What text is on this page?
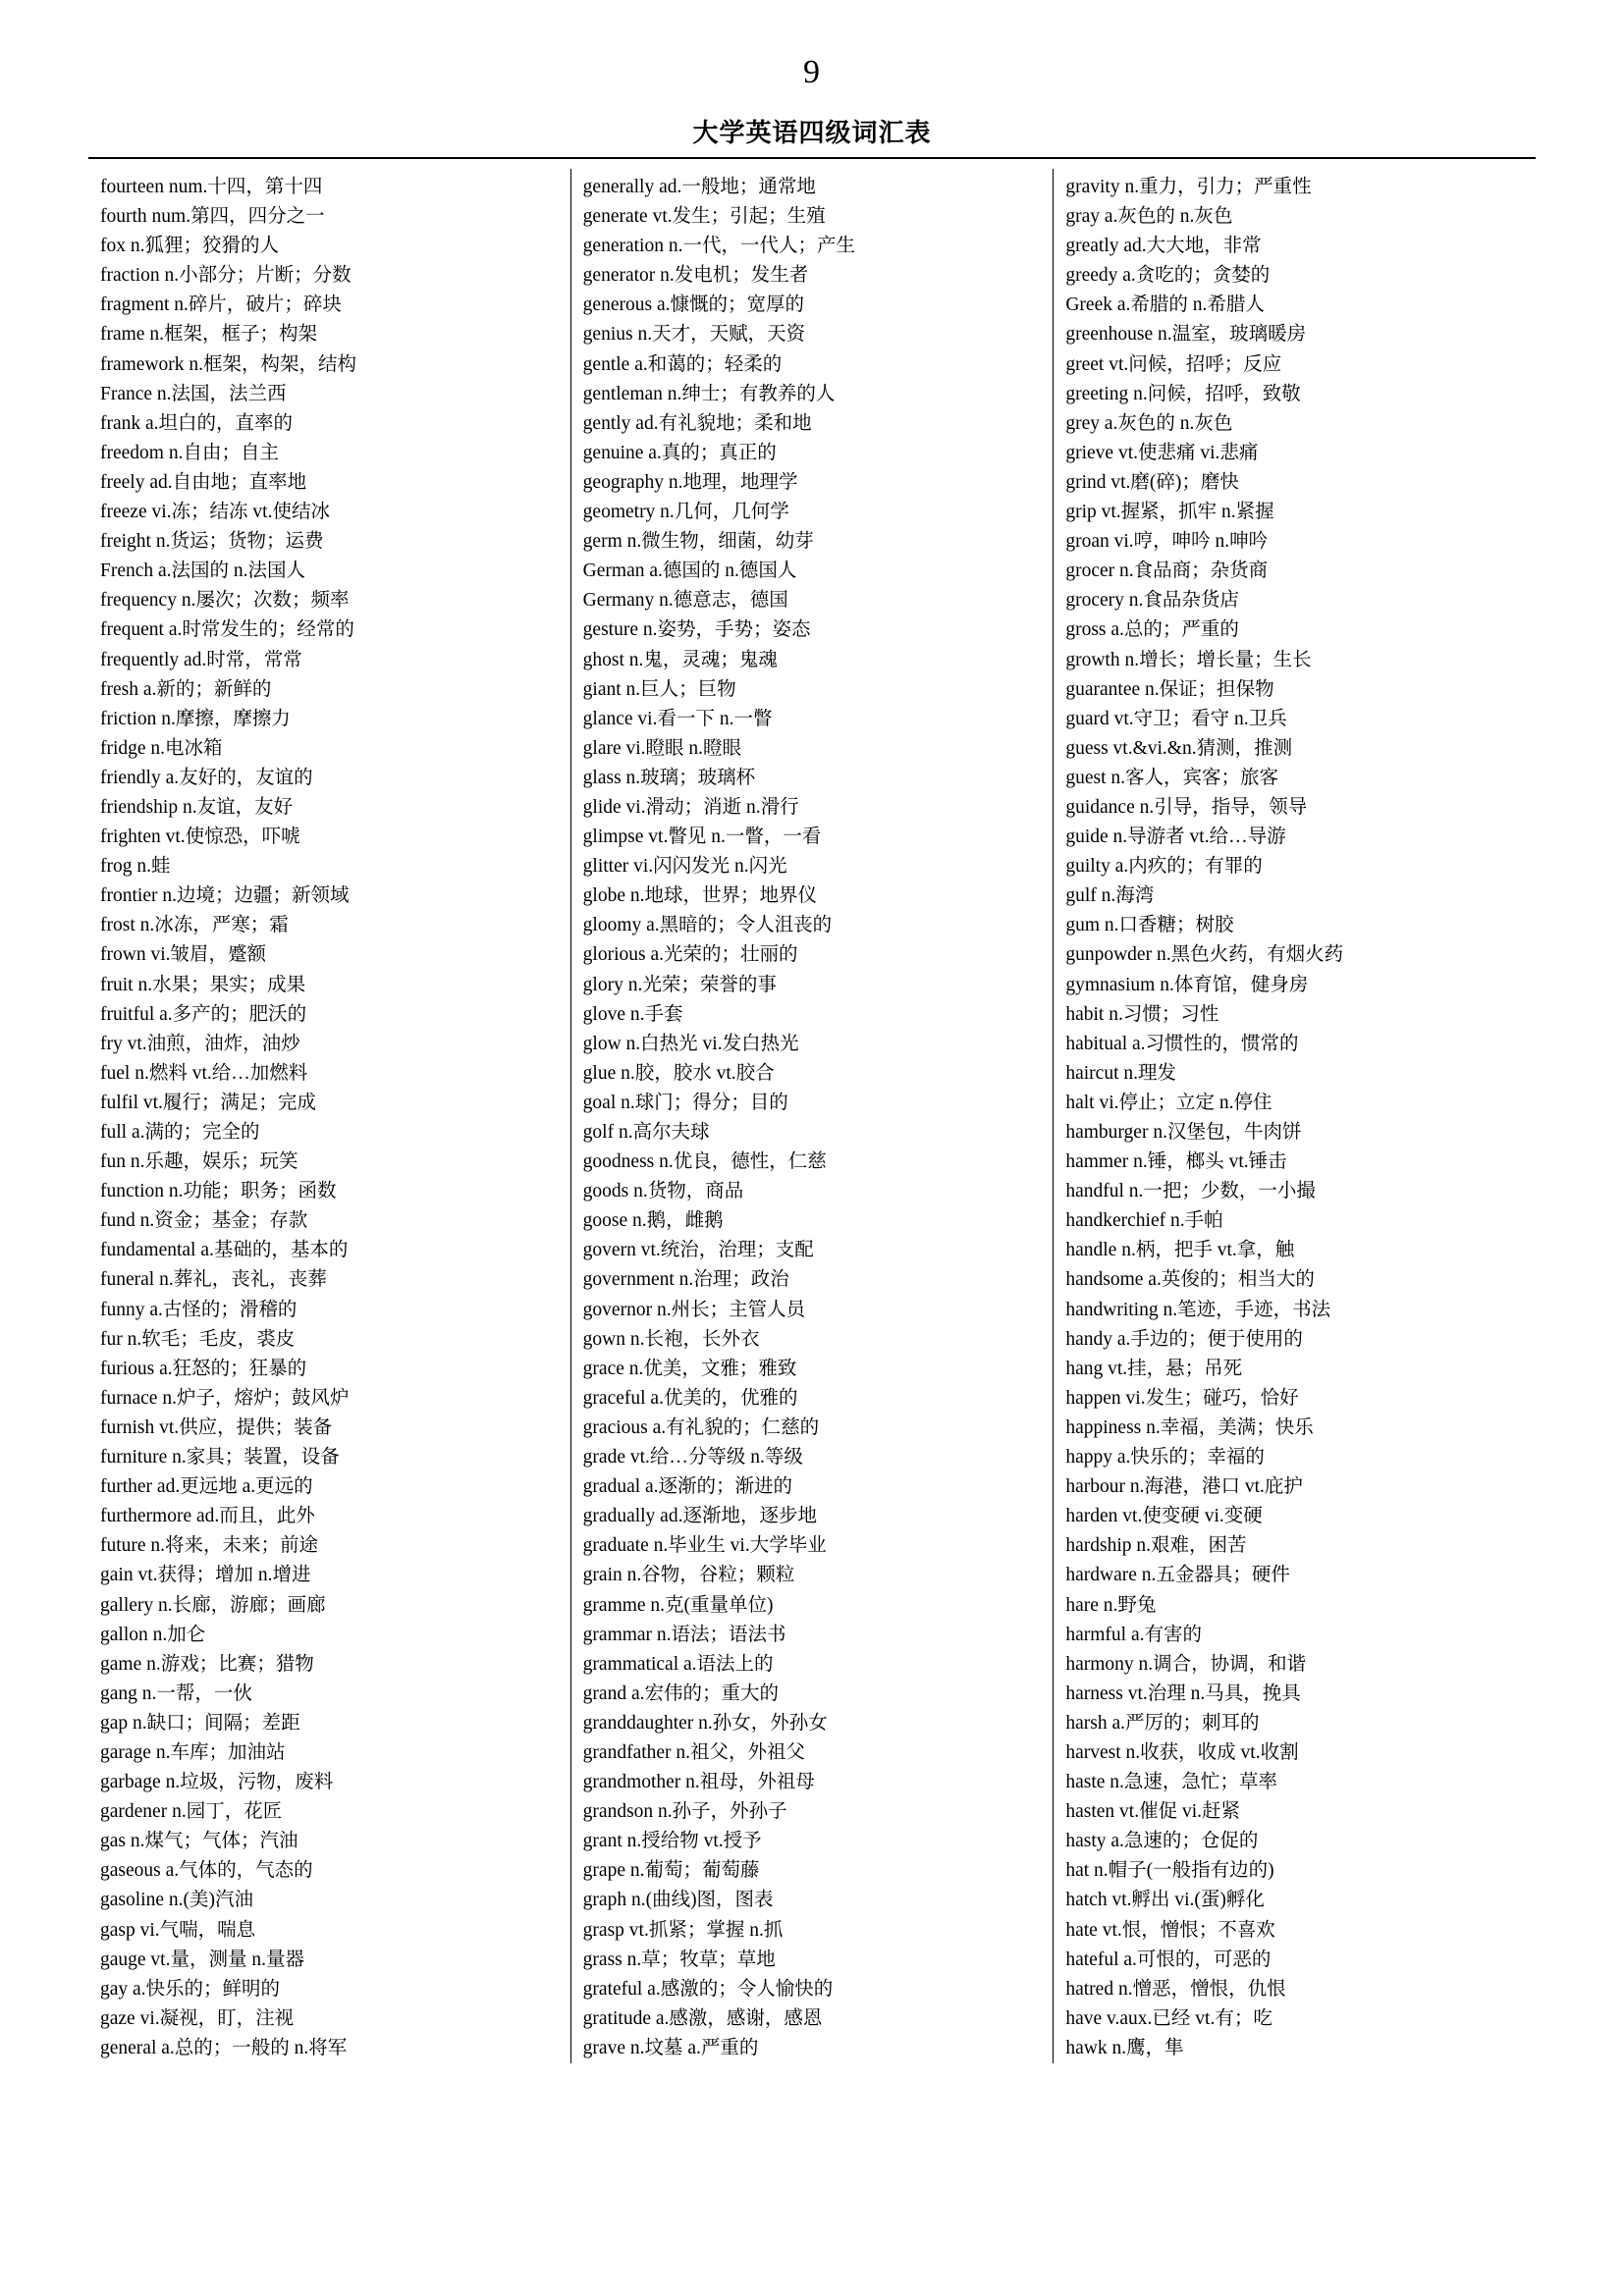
9
大学英语四级词汇表
fourteen num.十四，第十四
fourth num.第四，四分之一
fox n.狐狸；狡猾的人
fraction n.小部分；片断；分数
fragment n.碎片，破片；碎块
frame n.框架，框子；构架
framework n.框架，构架，结构
France n.法国，法兰西
frank a.坦白的，直率的
freedom n.自由；自主
freely ad.自由地；直率地
freeze vi.冻；结冻 vt.使结冰
freight n.货运；货物；运费
French a.法国的 n.法国人
frequency n.屡次；次数；频率
frequent a.时常发生的；经常的
frequently ad.时常，常常
fresh a.新的；新鲜的
friction n.摩擦，摩擦力
fridge n.电冰箱
friendly a.友好的，友谊的
friendship n.友谊，友好
frighten vt.使惊恐，吓唬
frog n.蛙
frontier n.边境；边疆；新领域
frost n.冰冻，严寒；霜
frown vi.皱眉，蹙额
fruit n.水果；果实；成果
fruitful a.多产的；肥沃的
fry vt.油煎，油炸，油炒
fuel n.燃料 vt.给…加燃料
fulfil vt.履行；满足；完成
full a.满的；完全的
fun n.乐趣，娱乐；玩笑
function n.功能；职务；函数
fund n.资金；基金；存款
fundamental a.基础的，基本的
funeral n.葬礼，丧礼，丧葬
funny a.古怪的；滑稽的
fur n.软毛；毛皮，裘皮
furious a.狂怒的；狂暴的
furnace n.炉子，熔炉；鼓风炉
furnish vt.供应，提供；装备
furniture n.家具；装置，设备
further ad.更远地 a.更远的
furthermore ad.而且，此外
future n.将来，未来；前途
gain vt.获得；增加 n.增进
gallery n.长廊，游廊；画廊
gallon n.加仑
game n.游戏；比赛；猎物
gang n.一帮，一伙
gap n.缺口；间隔；差距
garage n.车库；加油站
garbage n.垃圾，污物，废料
gardener n.园丁，花匠
gas n.煤气；气体；汽油
gaseous a.气体的，气态的
gasoline n.(美)汽油
gasp vi.气喘，喘息
gauge vt.量，测量 n.量器
gay a.快乐的；鲜明的
gaze vi.凝视，盯，注视
general a.总的；一般的 n.将军
generally ad.一般地；通常地
generate vt.发生；引起；生殖
generation n.一代，一代人；产生
generator n.发电机；发生者
generous a.慷慨的；宽厚的
genius n.天才，天赋，天资
gentle a.和蔼的；轻柔的
gentleman n.绅士；有教养的人
gently ad.有礼貌地；柔和地
genuine a.真的；真正的
geography n.地理，地理学
geometry n.几何，几何学
germ n.微生物，细菌，幼芽
German a.德国的 n.德国人
Germany n.德意志，德国
gesture n.姿势，手势；姿态
ghost n.鬼，灵魂；鬼魂
giant n.巨人；巨物
glance vi.看一下 n.一瞥
glare vi.瞪眼 n.瞪眼
glass n.玻璃；玻璃杯
glide vi.滑动；消逝 n.滑行
glimpse vt.瞥见 n.一瞥，一看
glitter vi.闪闪发光 n.闪光
globe n.地球，世界；地界仪
gloomy a.黑暗的；令人沮丧的
glorious a.光荣的；壮丽的
glory n.光荣；荣誉的事
glove n.手套
glow n.白热光 vi.发白热光
glue n.胶，胶水 vt.胶合
goal n.球门；得分；目的
golf n.高尔夫球
goodness n.优良，德性，仁慈
goods n.货物，商品
goose n.鹅，雌鹅
govern vt.统治，治理；支配
government n.治理；政治
governor n.州长；主管人员
gown n.长袍，长外衣
grace n.优美，文雅；雅致
graceful a.优美的，优雅的
gracious a.有礼貌的；仁慈的
grade vt.给…分等级 n.等级
gradual a.逐渐的；渐进的
gradually ad.逐渐地，逐步地
graduate n.毕业生 vi.大学毕业
grain n.谷物，谷粒；颗粒
gramme n.克(重量单位)
grammar n.语法；语法书
grammatical a.语法上的
grand a.宏伟的；重大的
granddaughter n.孙女，外孙女
grandfather n.祖父，外祖父
grandmother n.祖母，外祖母
grandson n.孙子，外孙子
grant n.授给物 vt.授予
grape n.葡萄；葡萄藤
graph n.(曲线)图，图表
grasp vt.抓紧；掌握 n.抓
grass n.草；牧草；草地
grateful a.感激的；令人愉快的
gratitude a.感激，感谢，感恩
grave n.坟墓 a.严重的
gravity n.重力，引力；严重性
gray a.灰色的 n.灰色
greatly ad.大大地，非常
greedy a.贪吃的；贪婪的
Greek a.希腊的 n.希腊人
greenhouse n.温室，玻璃暖房
greet vt.问候，招呼；反应
greeting n.问候，招呼，致敬
grey a.灰色的 n.灰色
grieve vt.使悲痛 vi.悲痛
grind vt.磨(碎)；磨快
grip vt.握紧，抓牢 n.紧握
groan vi.哼，呻吟 n.呻吟
grocer n.食品商；杂货商
grocery n.食品杂货店
gross a.总的；严重的
growth n.增长；增长量；生长
guarantee n.保证；担保物
guard vt.守卫；看守 n.卫兵
guess vt.&vi.&n.猜测，推测
guest n.客人，宾客；旅客
guidance n.引导，指导，领导
guide n.导游者 vt.给…导游
guilty a.内疚的；有罪的
gulf n.海湾
gum n.口香糖；树胶
gunpowder n.黑色火药，有烟火药
gymnasium n.体育馆，健身房
habit n.习惯；习性
habitual a.习惯性的，惯常的
haircut n.理发
halt vi.停止；立定 n.停住
hamburger n.汉堡包，牛肉饼
hammer n.锤，榔头 vt.锤击
handful n.一把；少数，一小撮
handkerchief n.手帕
handle n.柄，把手 vt.拿，触
handsome a.英俊的；相当大的
handwriting n.笔迹，手迹，书法
handy a.手边的；便于使用的
hang vt.挂，悬；吊死
happen vi.发生；碰巧，恰好
happiness n.幸福，美满；快乐
happy a.快乐的；幸福的
harbour n.海港，港口 vt.庇护
harden vt.使变硬 vi.变硬
hardship n.艰难，困苦
hardware n.五金器具；硬件
hare n.野兔
harmful a.有害的
harmony n.调合，协调，和谐
harness vt.治理 n.马具，挽具
harsh a.严厉的；刺耳的
harvest n.收获，收成 vt.收割
haste n.急速，急忙；草率
hasten vt.催促 vi.赶紧
hasty a.急速的；仓促的
hat n.帽子(一般指有边的)
hatch vt.孵出 vi.(蛋)孵化
hate vt.恨，憎恨；不喜欢
hateful a.可恨的，可恶的
hatred n.憎恶，憎恨，仇恨
have v.aux.已经 vt.有；吃
hawk n.鹰，隼
